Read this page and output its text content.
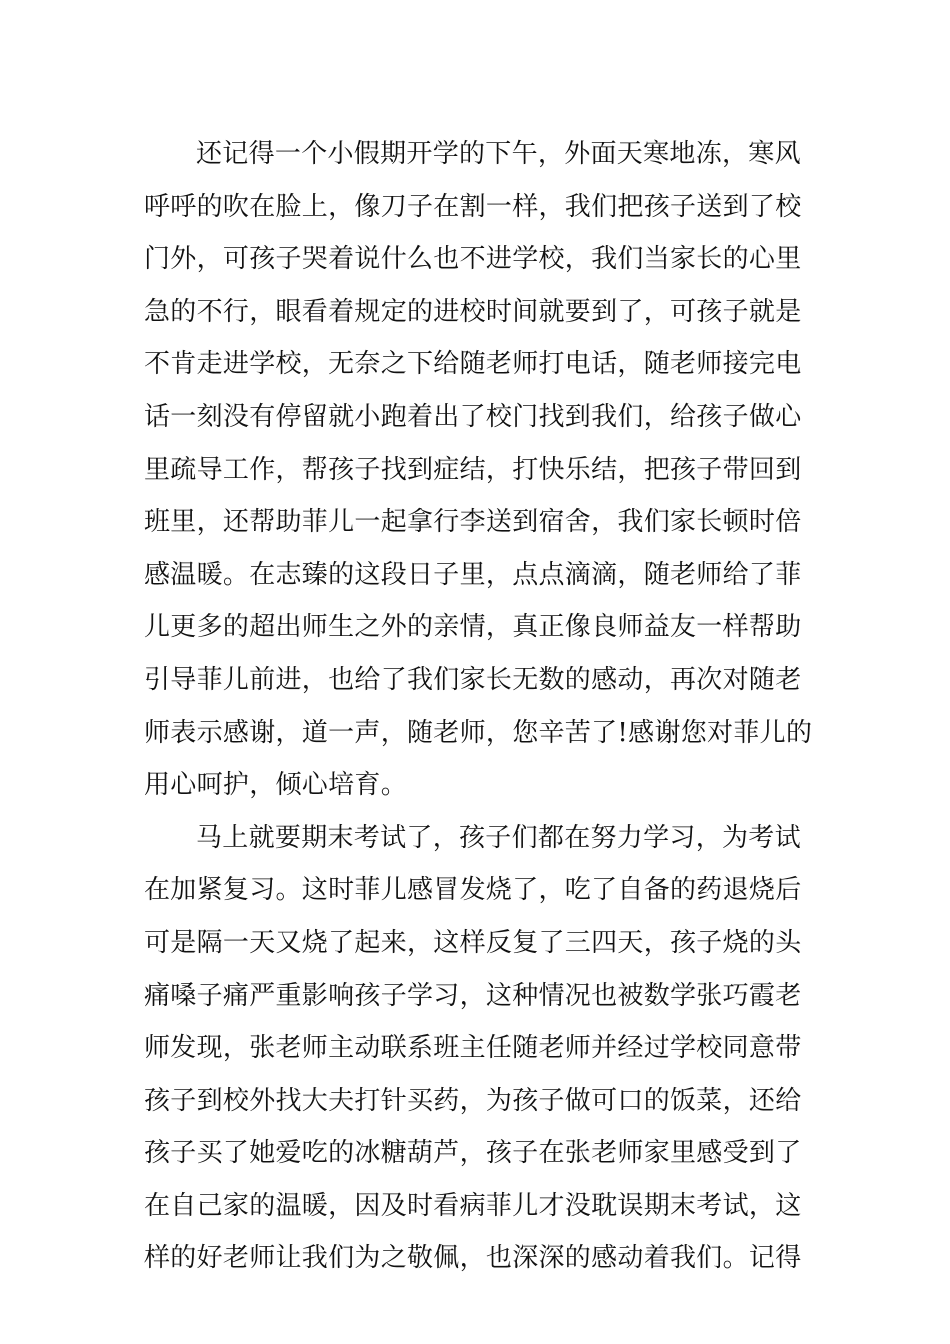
还记得一个小假期开学的下午，外面天寒地冻，寒风
呼呼的吹在脸上，像刀子在割一样，我们把孩子送到了校
门外，可孩子哭着说什么也不进学校，我们当家长的心里
急的不行，眼看着规定的进校时间就要到了，可孩子就是
不肯走进学校，无奈之下给随老师打电话，随老师接完电
话一刻没有停留就小跑着出了校门找到我们，给孩子做心
里疏导工作，帮孩子找到症结，打快乐结，把孩子带回到
班里，还帮助菲儿一起拿行李送到宿舍，我们家长顿时倍
感温暖。在志臻的这段日子里，点点滴滴，随老师给了菲
儿更多的超出师生之外的亲情，真正像良师益友一样帮助
引导菲儿前进，也给了我们家长无数的感动，再次对随老
师表示感谢，道一声，随老师，您辛苦了!感谢您对菲儿的
用心呵护，倾心培育。
马上就要期末考试了，孩子们都在努力学习，为考试
在加紧复习。这时菲儿感冒发烧了，吃了自备的药退烧后
可是隔一天又烧了起来，这样反复了三四天，孩子烧的头
痛嗓子痛严重影响孩子学习，这种情况也被数学张巧霞老
师发现，张老师主动联系班主任随老师并经过学校同意带
孩子到校外找大夫打针买药，为孩子做可口的饭菜，还给
孩子买了她爱吃的冰糖葫芦，孩子在张老师家里感受到了
在自己家的温暖，因及时看病菲儿才没耽误期末考试，这
样的好老师让我们为之敬佩，也深深的感动着我们。记得
